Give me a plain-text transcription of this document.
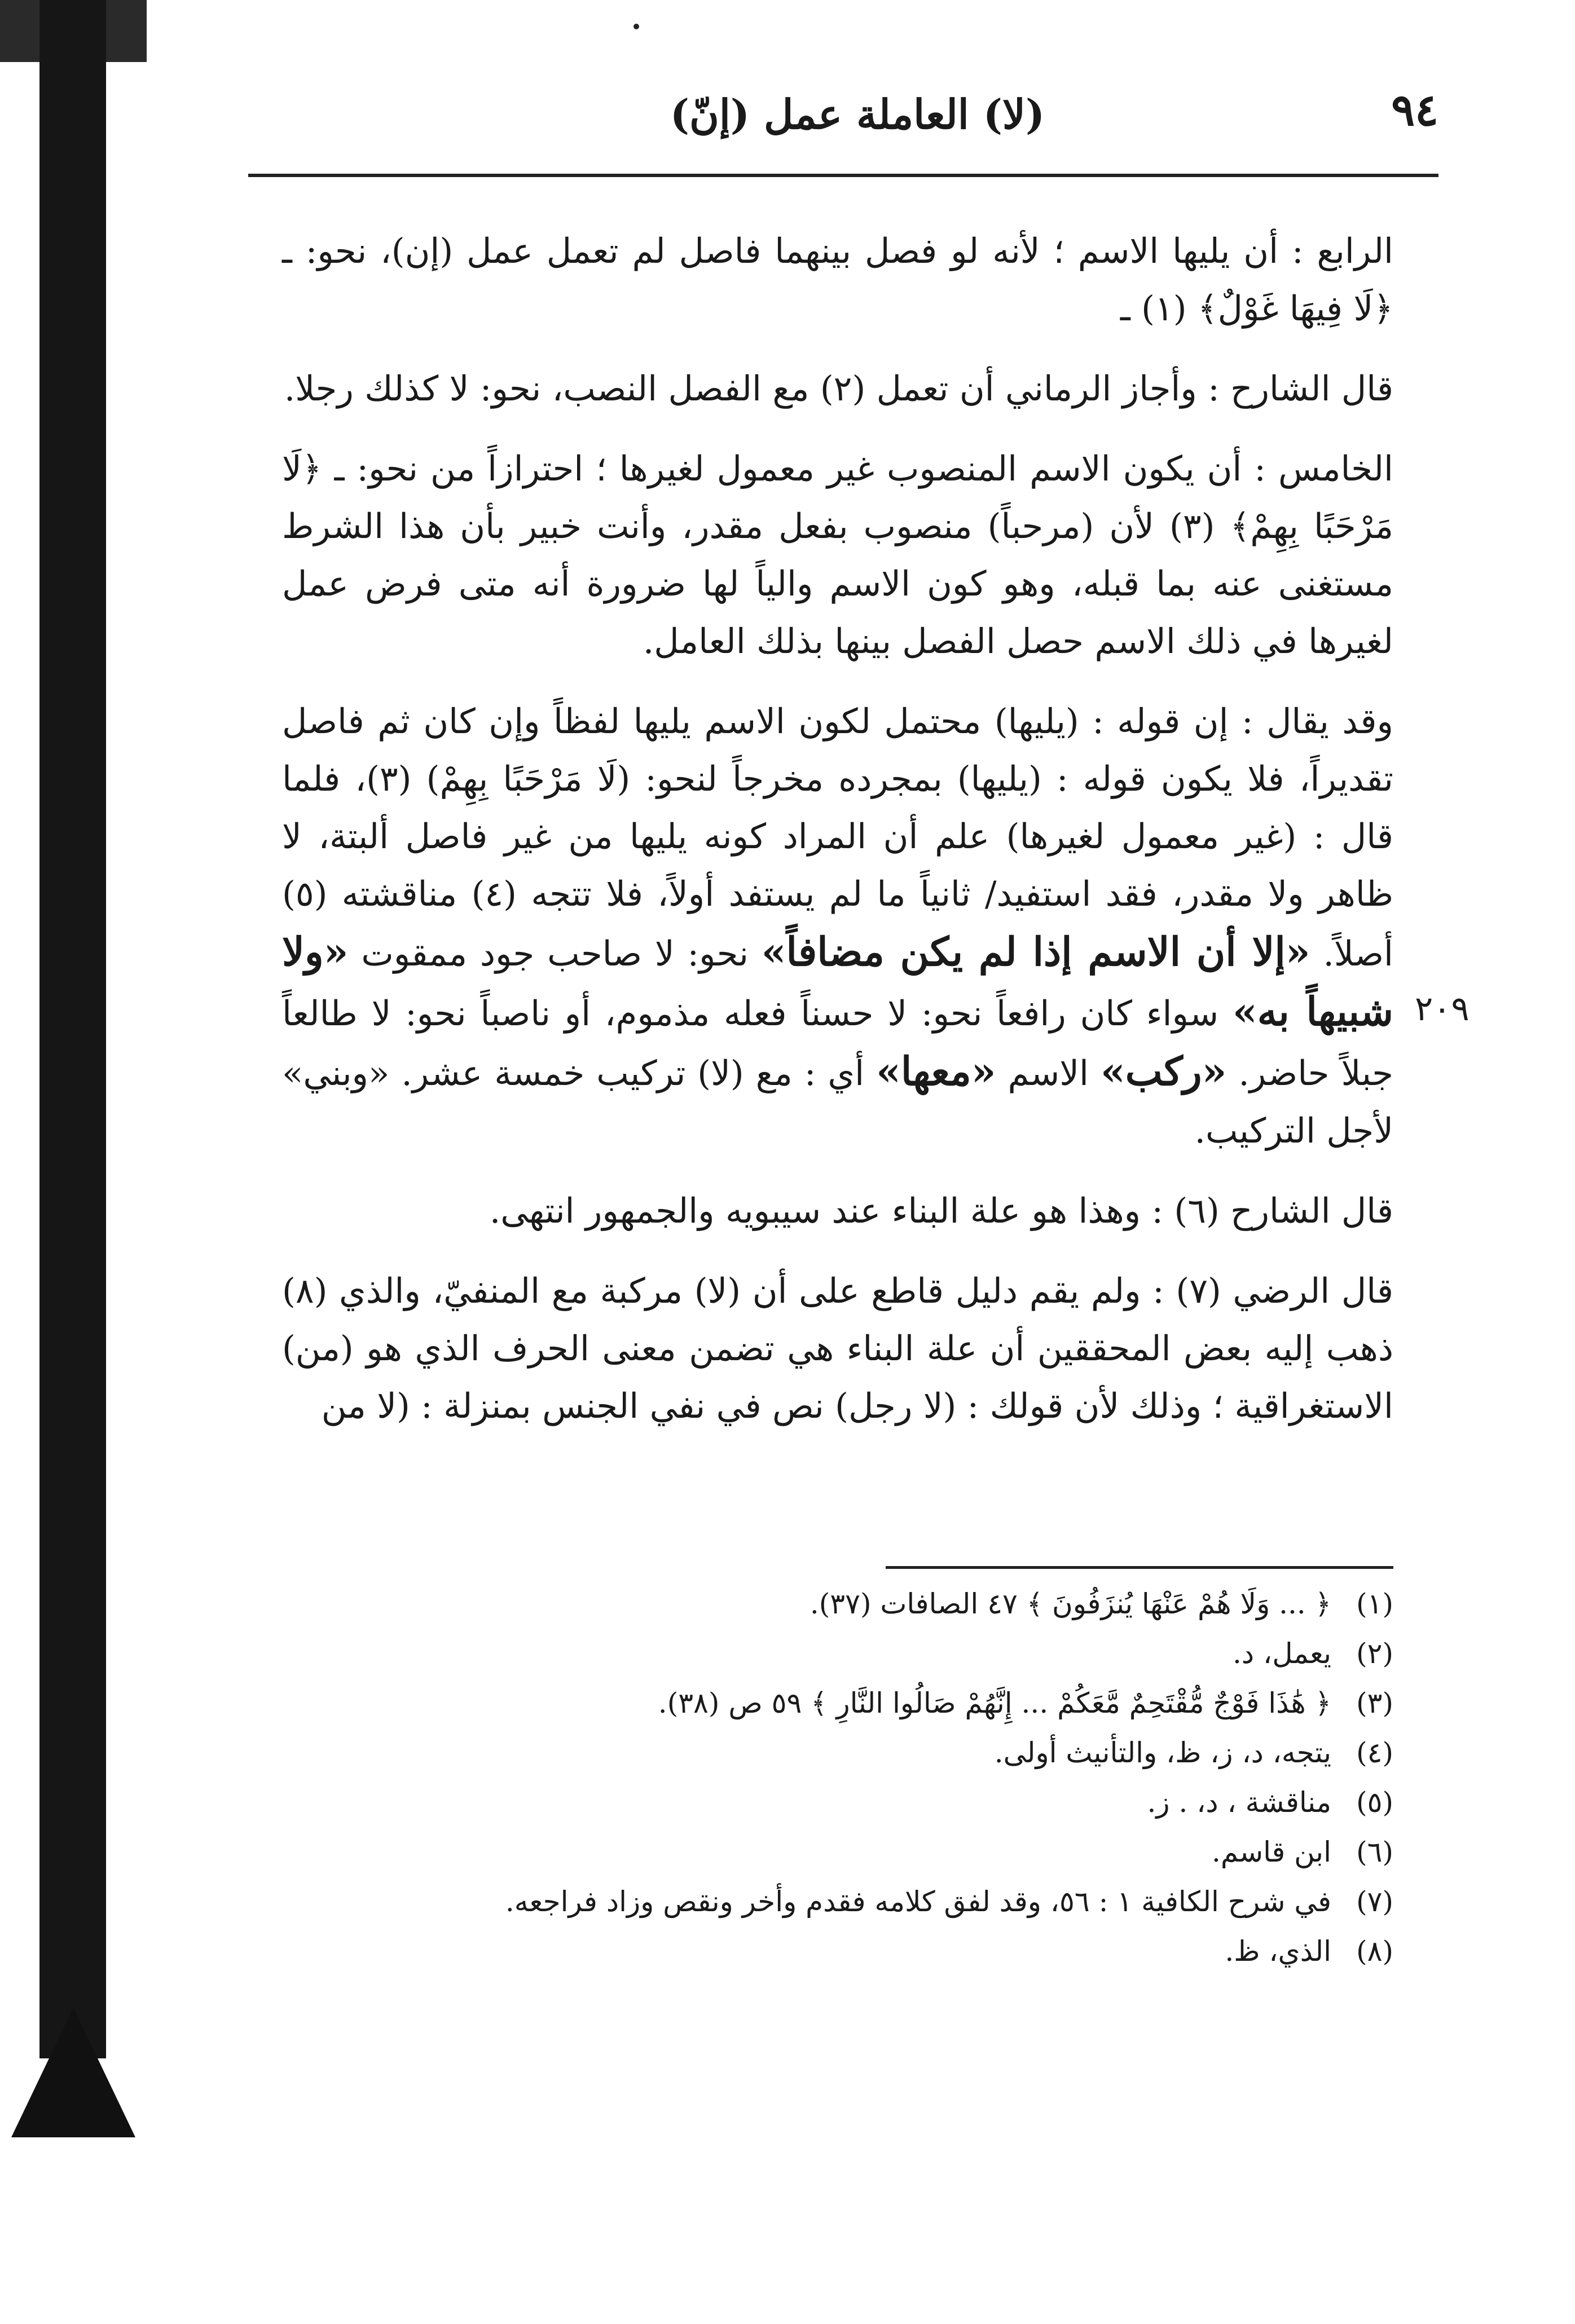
٩٤
(لا) العاملة عمل (إنّ)
٢٠٩

الرابع : أن يليها الاسم ؛ لأنه لو فصل بينهما فاصل لم تعمل عمل (إن)، نحو: ـ ﴿لَا فِيهَا غَوْلٌ﴾ (١) ـ

قال الشارح : وأجاز الرماني أن تعمل (٢) مع الفصل النصب، نحو: لا كذلك رجلا.

الخامس : أن يكون الاسم المنصوب غير معمول لغيرها ؛ احترازاً من نحو: ـ ﴿لَا مَرْحَبًا بِهِمْ﴾ (٣) لأن (مرحباً) منصوب بفعل مقدر، وأنت خبير بأن هذا الشرط مستغنى عنه بما قبله، وهو كون الاسم والياً لها ضرورة أنه متى فرض عمل لغيرها في ذلك الاسم حصل الفصل بينها بذلك العامل.

وقد يقال : إن قوله : (يليها) محتمل لكون الاسم يليها لفظاً وإن كان ثم فاصل تقديراً، فلا يكون قوله : (يليها) بمجرده مخرجاً لنحو: (لَا مَرْحَبًا بِهِمْ) (٣)، فلما قال : (غير معمول لغيرها) علم أن المراد كونه يليها من غير فاصل ألبتة، لا ظاهر ولا مقدر، فقد استفيد/ ثانياً ما لم يستفد أولاً، فلا تتجه (٤) مناقشته (٥) أصلاً. «إلا أن الاسم إذا لم يكن مضافاً» نحو: لا صاحب جود ممقوت «ولا شبيهاً به» سواء كان رافعاً نحو: لا حسناً فعله مذموم، أو ناصباً نحو: لا طالعاً جبلاً حاضر. «ركب» الاسم «معها» أي : مع (لا) تركيب خمسة عشر. «وبني» لأجل التركيب.

قال الشارح (٦) : وهذا هو علة البناء عند سيبويه والجمهور انتهى.

قال الرضي (٧) : ولم يقم دليل قاطع على أن (لا) مركبة مع المنفيّ، والذي (٨) ذهب إليه بعض المحققين أن علة البناء هي تضمن معنى الحرف الذي هو (من) الاستغراقية ؛ وذلك لأن قولك : (لا رجل) نص في نفي الجنس بمنزلة : (لا من

(١)﴿ ... وَلَا هُمْ عَنْهَا يُنزَفُونَ ﴾ ٤٧ الصافات (٣٧).
(٢)يعمل، د.
(٣)﴿ هَٰذَا فَوْجٌ مُّقْتَحِمٌ مَّعَكُمْ ... إِنَّهُمْ صَالُوا النَّارِ ﴾ ٥٩ ص (٣٨).
(٤)يتجه، د، ز، ظ، والتأنيث أولى.
(٥)مناقشة ، د، . ز.
(٦)ابن قاسم.
(٧)في شرح الكافية ١ : ٥٦، وقد لفق كلامه فقدم وأخر ونقص وزاد فراجعه.
(٨)الذي، ظ.
